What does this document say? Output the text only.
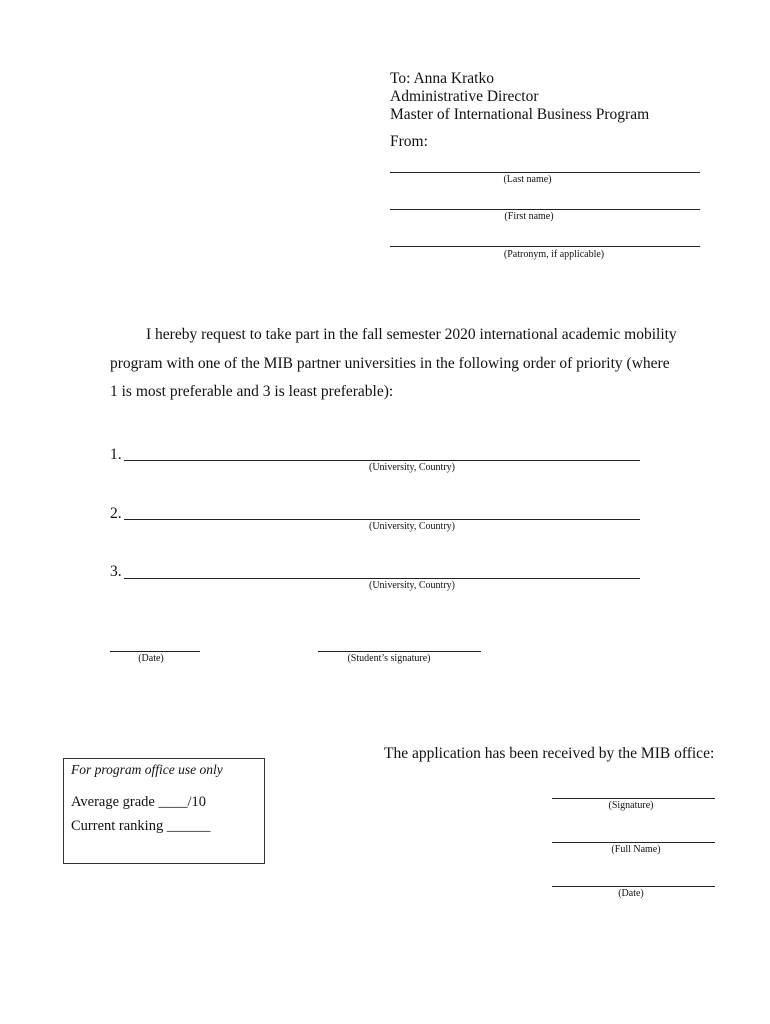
To: Anna Kratko
Administrative Director
Master of International Business Program
From:
(Last name)
(First name)
(Patronym, if applicable)
I hereby request to take part in the fall semester 2020 international academic mobility program with one of the MIB partner universities in the following order of priority (where 1 is most preferable and 3 is least preferable):
1.
(University, Country)
2.
(University, Country)
3.
(University, Country)
(Date)	(Student’s signature)
The application has been received by the MIB office:
For program office use only
Average grade ____/10
Current ranking ______
(Signature)
(Full Name)
(Date)
